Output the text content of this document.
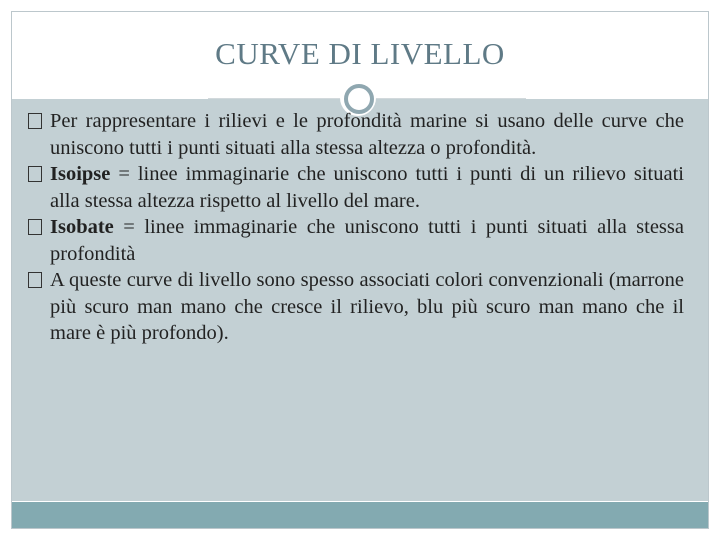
CURVE DI LIVELLO
Per rappresentare i rilievi e le profondità marine si usano delle curve che uniscono tutti i punti situati alla stessa altezza o profondità.
Isoipse = linee immaginarie che uniscono tutti i punti di un rilievo situati alla stessa altezza rispetto al livello del mare.
Isobate = linee immaginarie che uniscono tutti i punti situati alla stessa profondità
A queste curve di livello sono spesso associati colori convenzionali (marrone più scuro man mano che cresce il rilievo, blu più scuro man mano che il mare è più profondo).
